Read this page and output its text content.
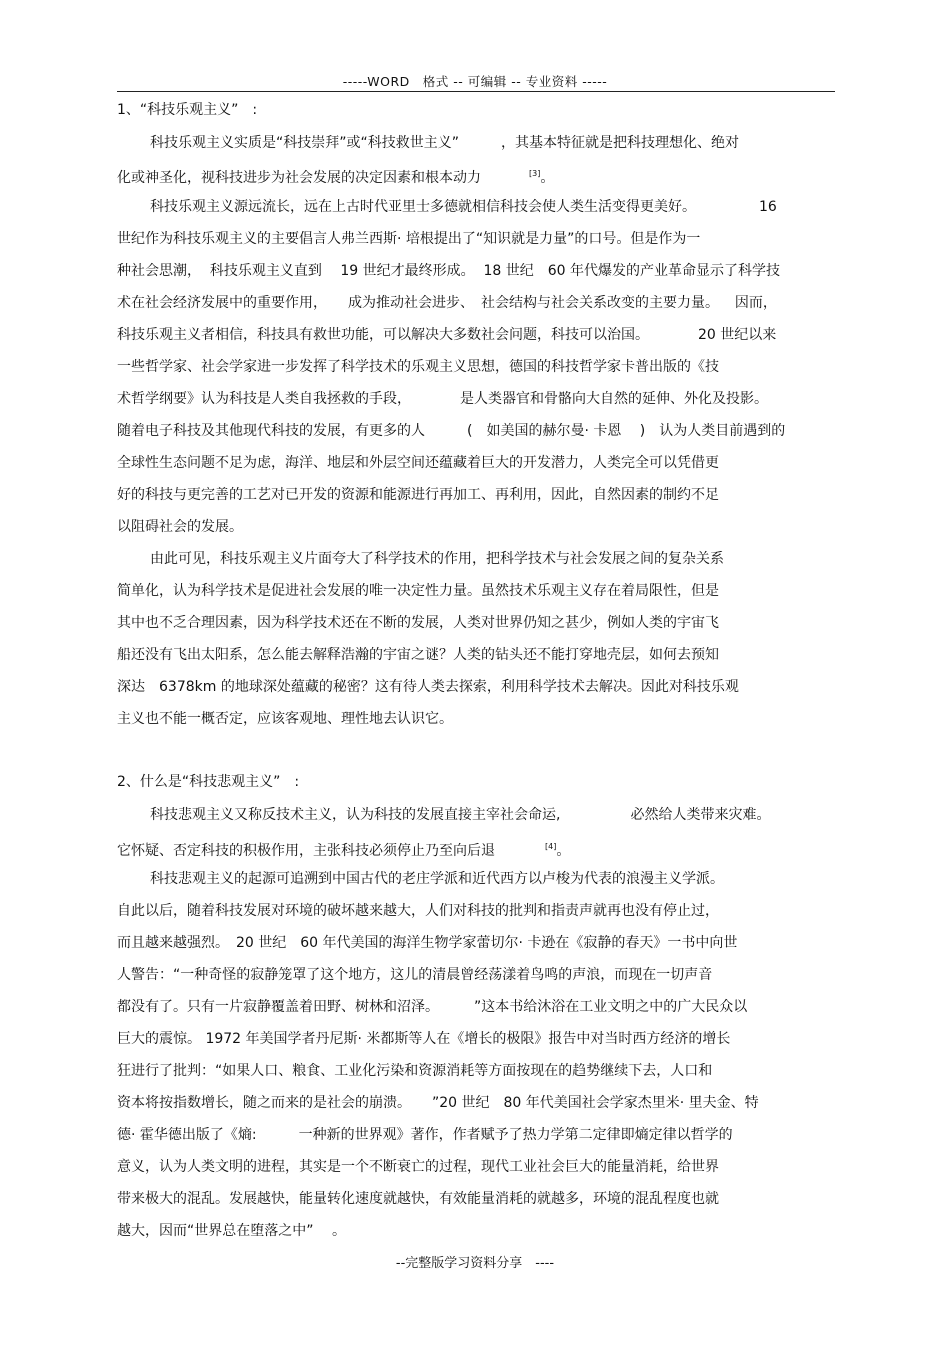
-----WORD　格式 -- 可编辑 -- 专业资料 -----
1、“科技乐观主义”　:
科技乐观主义实质是“科技崇拜”或“科技救世主义”　　　，其基本特征就是把科技理想化、绝对
化或神圣化，视科技进步为社会发展的决定因素和根本动力	[3]。
科技乐观主义源远流长，远在上古时代亚里士多德就相信科技会使人类生活变得更美好。　　　　　16
世纪作为科技乐观主义的主要倡言人弗兰西斯· 培根提出了“知识就是力量”的口号。但是作为一
种社会思潮，  科技乐观主义直到　 19 世纪才最终形成。  18 世纪　60 年代爆发的产业革命显示了科学技
术在社会经济发展中的重要作用，　　成为推动社会进步、　社会结构与社会关系改变的主要力量。　  因而，
科技乐观主义者相信，科技具有救世功能，可以解决大多数社会问题，科技可以治国。　　　　20 世纪以来
一些哲学家、社会学家进一步发挥了科学技术的乐观主义思想，德国的科技哲学家卡普出版的《技
术哲学纲要》认为科技是人类自我拯救的手段，　　　　是人类器官和骨骼向大自然的延伸、外化及投影。
随着电子科技及其他现代科技的发展，有更多的人　　　(　如美国的赫尔曼· 卡恩　 )　认为人类目前遇到的
全球性生态问题不足为虑，海洋、地层和外层空间还蕴藏着巨大的开发潜力，人类完全可以凭借更
好的科技与更完善的工艺对已开发的资源和能源进行再加工、再利用，因此，自然因素的制约不足
以阻碍社会的发展。
由此可见，科技乐观主义片面夸大了科学技术的作用，把科学技术与社会发展之间的复杂关系
简单化，认为科学技术是促进社会发展的唯一决定性力量。虽然技术乐观主义存在着局限性，但是
其中也不乏合理因素，因为科学技术还在不断的发展，人类对世界仍知之甚少，例如人类的宇宙飞
船还没有飞出太阳系，怎么能去解释浩瀚的宇宙之谜？人类的钻头还不能打穿地壳层，如何去预知
深达　6378km 的地球深处蕴藏的秘密？这有待人类去探索，利用科学技术去解决。因此对科技乐观
主义也不能一概否定，应该客观地、理性地去认识它。
2、什么是“科技悲观主义”　:
科技悲观主义又称反技术主义，认为科技的发展直接主宰社会命运,　　　　　必然给人类带来灾难。
它怀疑、否定科技的积极作用，主张科技必须停止乃至向后退	[4]。
科技悲观主义的起源可追溯到中国古代的老庄学派和近代西方以卢梭为代表的浪漫主义学派。
自此以后，随着科技发展对环境的破坏越来越大，人们对科技的批判和指责声就再也没有停止过，
而且越来越强烈。　20 世纪　60 年代美国的海洋生物学家蕾切尔· 卡逊在《寂静的春天》一书中向世
人警告：“一种奇怪的寂静笼罩了这个地方，这儿的清晨曾经荡漾着鸟鸣的声浪，而现在一切声音
都没有了。只有一片寂静覆盖着田野、树林和沼泽。　　　”这本书给沐浴在工业文明之中的广大民众以
巨大的震惊。 1972 年美国学者丹尼斯· 米都斯等人在《增长的极限》报告中对当时西方经济的增长
狂进行了批判：“如果人口、粮食、工业化污染和资源消耗等方面按现在的趋势继续下去，人口和
资本将按指数增长，随之而来的是社会的崩溃。　　”20 世纪　80 年代美国社会学家杰里米· 里夫金、特
德· 霍华德出版了《熵:　　　一种新的世界观》著作，作者赋予了热力学第二定律即熵定律以哲学的
意义，认为人类文明的进程，其实是一个不断衰亡的过程，现代工业社会巨大的能量消耗，给世界
带来极大的混乱。发展越快，能量转化速度就越快，有效能量消耗的就越多，环境的混乱程度也就
越大，因而“世界总在堕落之中”　 。
--完整版学习资料分享　----
